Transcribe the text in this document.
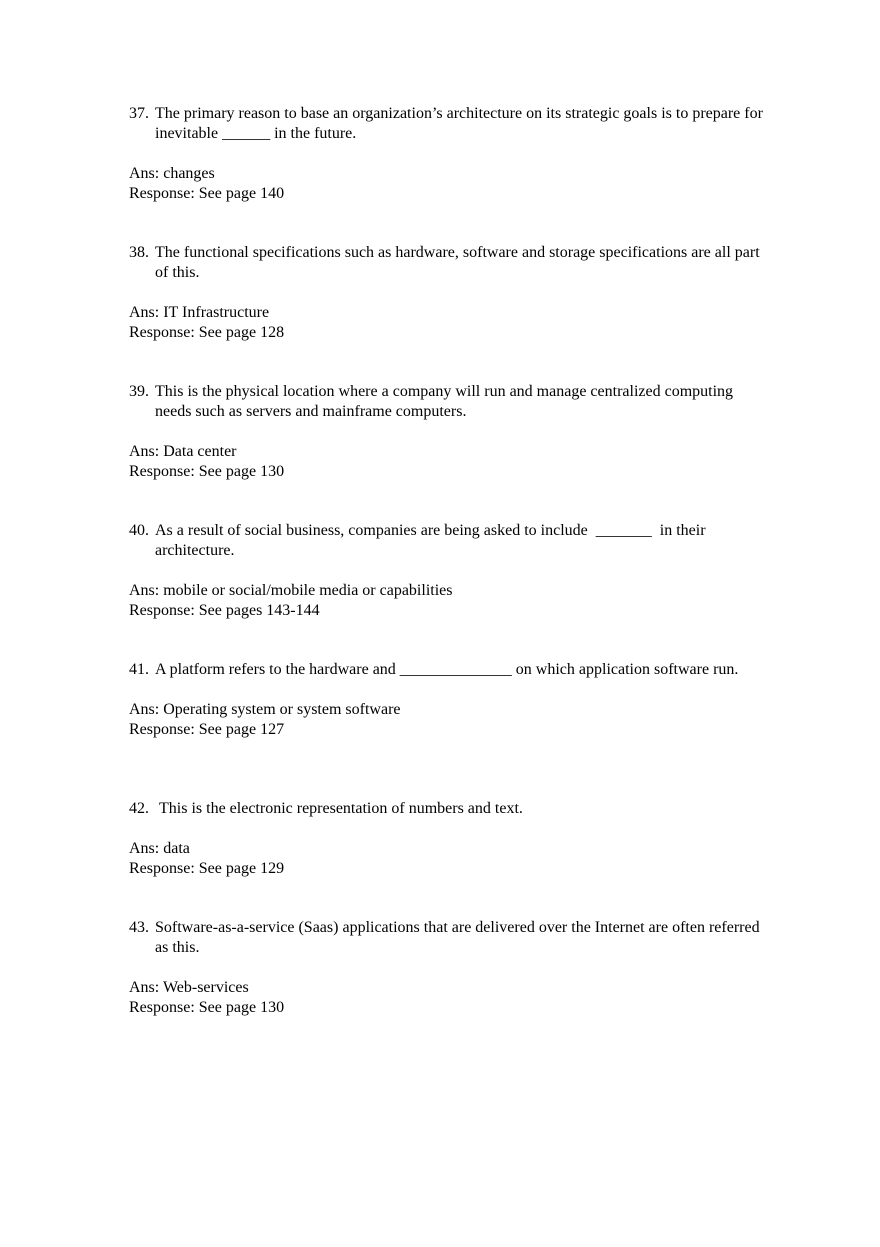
37. The primary reason to base an organization’s architecture on its strategic goals is to prepare for inevitable ______ in the future.
Ans: changes
Response: See page 140
38. The functional specifications such as hardware, software and storage specifications are all part of this.
Ans: IT Infrastructure
Response: See page 128
39. This is the physical location where a company will run and manage centralized computing needs such as servers and mainframe computers.
Ans: Data center
Response: See page 130
40. As a result of social business, companies are being asked to include  _______  in their architecture.
Ans: mobile or social/mobile media or capabilities
Response: See pages 143-144
41. A platform refers to the hardware and ______________ on which application software run.
Ans: Operating system or system software
Response: See page 127
42. This is the electronic representation of numbers and text.
Ans: data
Response: See page 129
43. Software-as-a-service (Saas) applications that are delivered over the Internet are often referred as this.
Ans: Web-services
Response: See page 130
